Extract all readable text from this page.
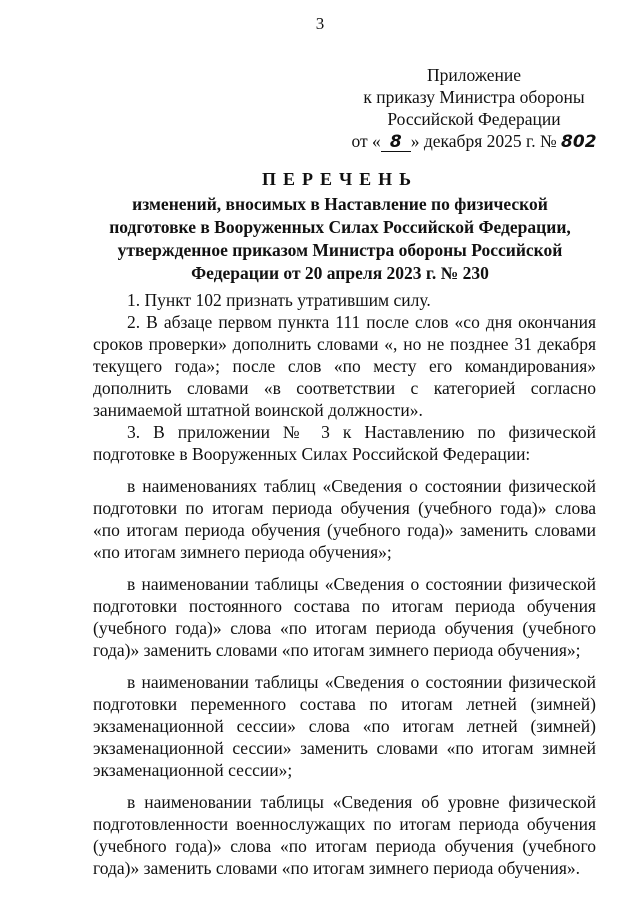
3
Приложение
к приказу Министра обороны
Российской Федерации
от « 8 » декабря 2025 г. № 802
ПЕРЕЧЕНЬ
изменений, вносимых в Наставление по физической подготовке в Вооруженных Силах Российской Федерации, утвержденное приказом Министра обороны Российской Федерации от 20 апреля 2023 г. № 230

1. Пункт 102 признать утратившим силу.

2. В абзаце первом пункта 111 после слов «со дня окончания сроков проверки» дополнить словами «, но не позднее 31 декабря текущего года»; после слов «по месту его командирования» дополнить словами «в соответствии с категорией согласно занимаемой штатной воинской должности».

3. В приложении № 3 к Наставлению по физической подготовке в Вооруженных Силах Российской Федерации:

в наименованиях таблиц «Сведения о состоянии физической подготовки по итогам периода обучения (учебного года)» слова «по итогам периода обучения (учебного года)» заменить словами «по итогам зимнего периода обучения»;

в наименовании таблицы «Сведения о состоянии физической подготовки постоянного состава по итогам периода обучения (учебного года)» слова «по итогам периода обучения (учебного года)» заменить словами «по итогам зимнего периода обучения»;

в наименовании таблицы «Сведения о состоянии физической подготовки переменного состава по итогам летней (зимней) экзаменационной сессии» слова «по итогам летней (зимней) экзаменационной сессии» заменить словами «по итогам зимней экзаменационной сессии»;

в наименовании таблицы «Сведения об уровне физической подготовленности военнослужащих по итогам периода обучения (учебного года)» слова «по итогам периода обучения (учебного года)» заменить словами «по итогам зимнего периода обучения».
